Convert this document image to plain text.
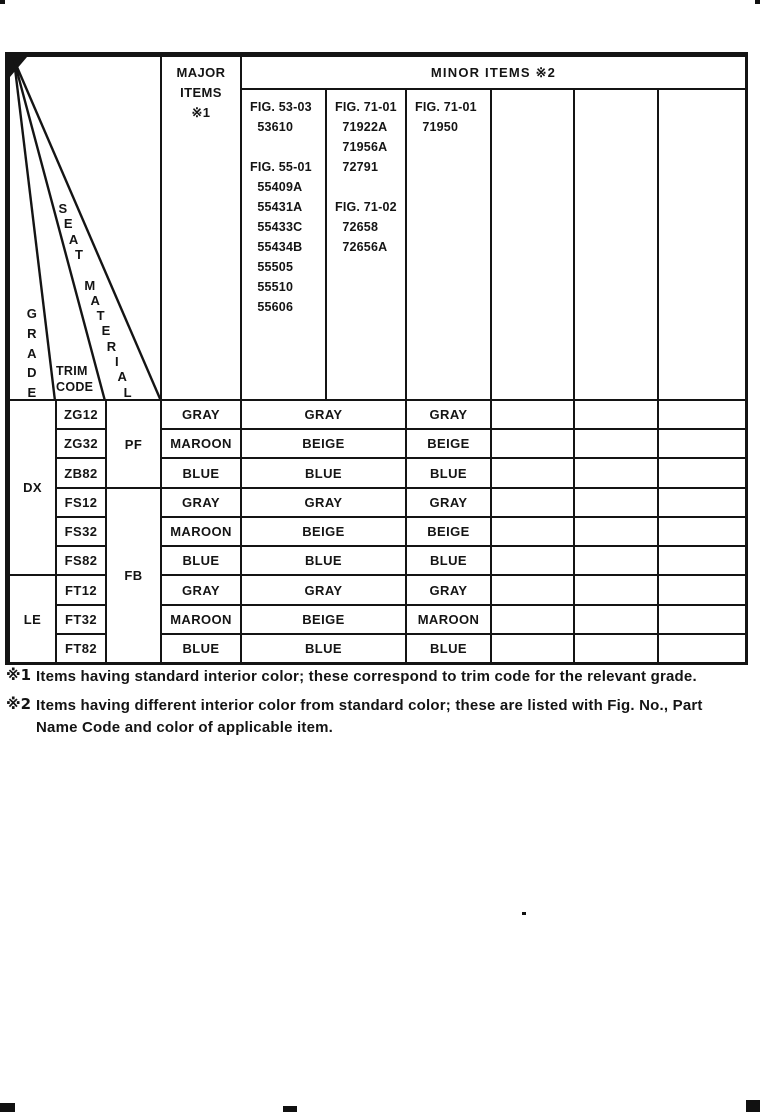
G
R
A
D
E
S
E
A
T
M
A
T
E
R
I
A
L
TRIM
CODE
MAJOR
ITEMS
※1
MINOR ITEMS ※2
FIG. 53-03
53610

FIG. 55-01
55409A
55431A
55433C
55434B
55505
55510
55606
FIG. 71-01
71922A
71956A
72791

FIG. 71-02
72658
72656A
FIG. 71-01
71950
DX
LE
ZG12
ZG32
ZB82
FS12
FS32
FS82
FT12
FT32
FT82
PF
FB
GRAY
MAROON
BLUE
GRAY
MAROON
BLUE
GRAY
MAROON
BLUE
GRAY
BEIGE
BLUE
GRAY
BEIGE
BLUE
GRAY
BEIGE
BLUE
GRAY
BEIGE
BLUE
GRAY
BEIGE
BLUE
GRAY
MAROON
BLUE
※1 Items having standard interior color; these correspond to trim code for the relevant grade.
※2 Items having different interior color from standard color; these are listed with Fig. No., Part
Name Code and color of applicable item.
